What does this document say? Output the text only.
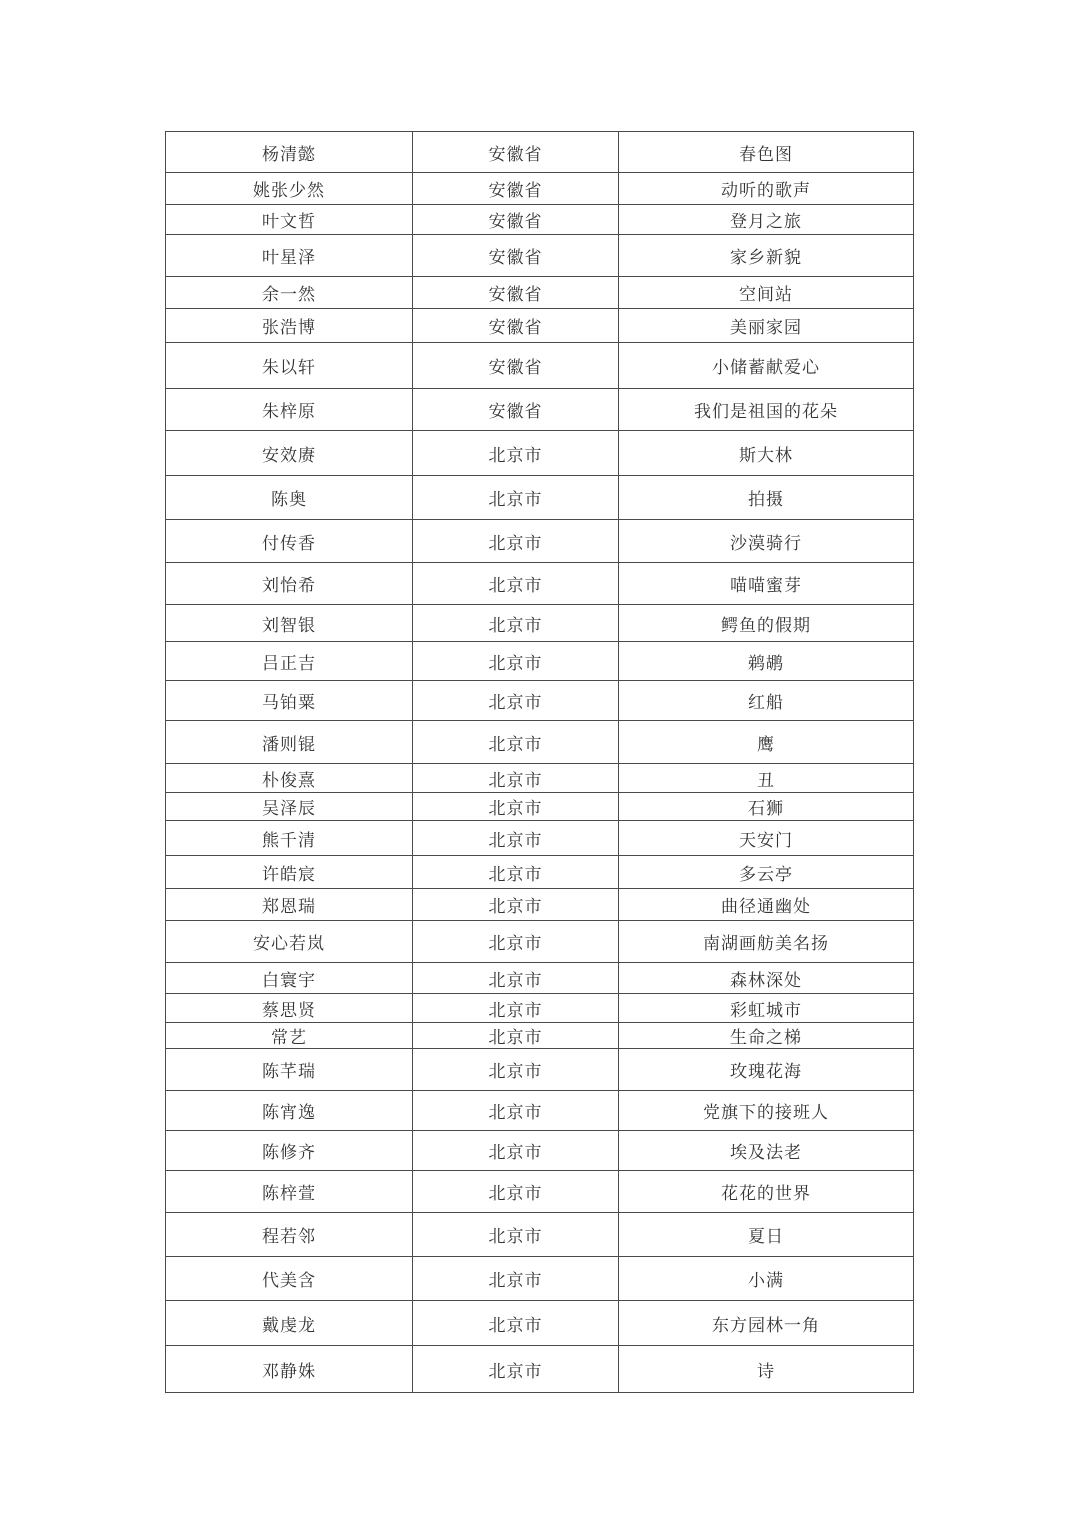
杨清懿	安徽省	春色图
姚张少然	安徽省	动听的歌声
叶文哲	安徽省	登月之旅
叶星泽	安徽省	家乡新貌
余一然	安徽省	空间站
张浩博	安徽省	美丽家园
朱以轩	安徽省	小储蓄献爱心
朱梓原	安徽省	我们是祖国的花朵
安效赓	北京市	斯大林
陈奥	北京市	拍摄
付传香	北京市	沙漠骑行
刘怡希	北京市	喵喵蜜芽
刘智银	北京市	鳄鱼的假期
吕正吉	北京市	鹈鹕
马铂粟	北京市	红船
潘则锟	北京市	鹰
朴俊熹	北京市	丑
吴泽辰	北京市	石狮
熊千清	北京市	天安门
许皓宸	北京市	多云亭
郑恩瑞	北京市	曲径通幽处
安心若岚	北京市	南湖画舫美名扬
白寰宇	北京市	森林深处
蔡思贤	北京市	彩虹城市
常艺	北京市	生命之梯
陈芊瑞	北京市	玫瑰花海
陈宵逸	北京市	党旗下的接班人
陈修齐	北京市	埃及法老
陈梓萱	北京市	花花的世界
程若邻	北京市	夏日
代美含	北京市	小满
戴虔龙	北京市	东方园林一角
邓静姝	北京市	诗
